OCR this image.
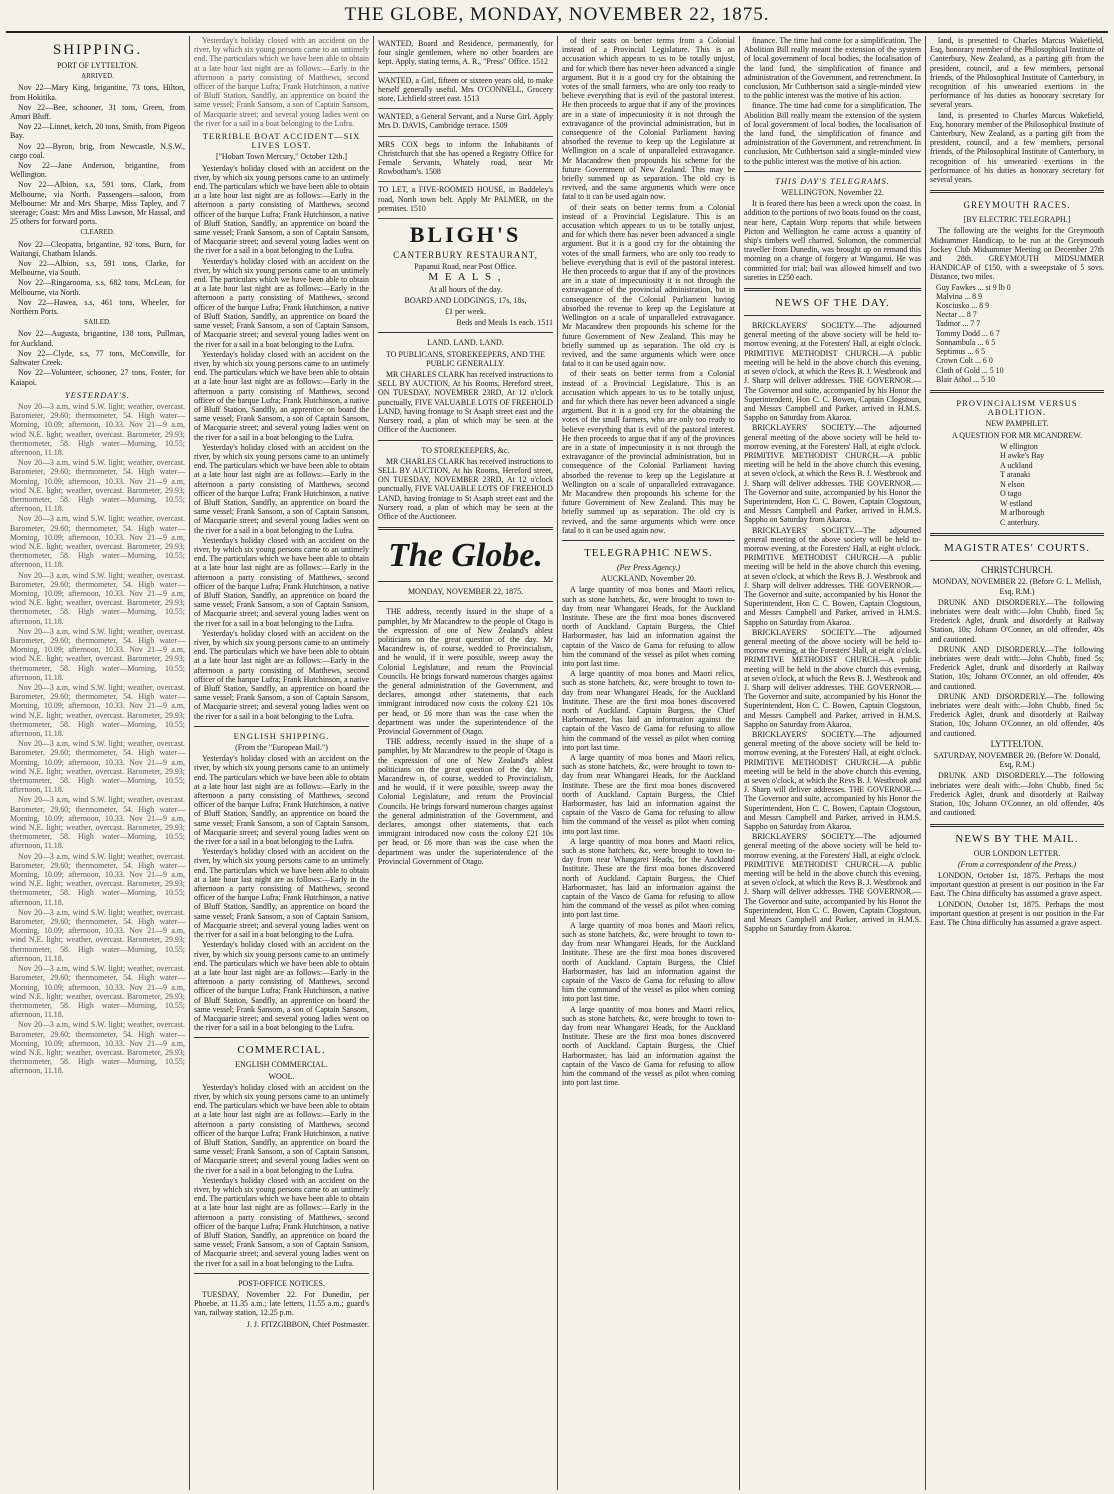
THE GLOBE, MONDAY, NOVEMBER 22, 1875.
SHIPPING.
PORT OF LYTTELTON.
ARRIVED.

Nov 22—Mary King, brigantine, 73 tons, Hilton, from Hokitika.

Nov 22—Bee, schooner, 31 tons, Green, from Amuri Bluff.

Nov 22—Linnet, ketch, 20 tons, Smith, from Pigeon Bay.

Nov 22—Byron, brig, from Newcastle, N.S.W., cargo coal.

Nov 22—Jane Anderson, brigantine, from Wellington.

Nov 22—Albion, s.s, 591 tons, Clark, from Melbourne, via North. Passengers—saloon, from Melbourne: Mr and Mrs Sharpe, Miss Tapley, and 7 steerage; Coast: Mrs and Miss Lawson, Mr Hassal, and 25 others for forward ports.

CLEARED.

Nov 22—Cleopatra, brigantine, 92 tons, Burn, for Waitangi, Chatham Islands.

Nov 22—Albion, s.s, 591 tons, Clarke, for Melbourne, via South.

Nov 22—Ringarooma, s.s, 682 tons, McLean, for Melbourne, via North.

Nov 22—Hawea, s.s, 461 tons, Wheeler, for Northern Ports.

SAILED.

Nov 22—Augusta, brigantine, 138 tons, Pullman, for Auckland.

Nov 22—Clyde, s.s, 77 tons, McConville, for Saltwater Creek.

Nov 22—Volunteer, schooner, 27 tons, Foster, for Kaiapoi.

YESTERDAY'S.

Nov 20—3 a.m, wind S.W. light; weather, overcast. Barometer, 29.60; thermometer, 54. High water—Morning, 10.09; afternoon, 10.33. Nov 21—9 a.m, wind N.E. light; weather, overcast. Barometer, 29.93; thermometer, 58. High water—Morning, 10.55; afternoon, 11.18.

Nov 20—3 a.m, wind S.W. light; weather, overcast. Barometer, 29.60; thermometer, 54. High water—Morning, 10.09; afternoon, 10.33. Nov 21—9 a.m, wind N.E. light; weather, overcast. Barometer, 29.93; thermometer, 58. High water—Morning, 10.55; afternoon, 11.18.

Nov 20—3 a.m, wind S.W. light; weather, overcast. Barometer, 29.60; thermometer, 54. High water—Morning, 10.09; afternoon, 10.33. Nov 21—9 a.m, wind N.E. light; weather, overcast. Barometer, 29.93; thermometer, 58. High water—Morning, 10.55; afternoon, 11.18.

Nov 20—3 a.m, wind S.W. light; weather, overcast. Barometer, 29.60; thermometer, 54. High water—Morning, 10.09; afternoon, 10.33. Nov 21—9 a.m, wind N.E. light; weather, overcast. Barometer, 29.93; thermometer, 58. High water—Morning, 10.55; afternoon, 11.18.

Nov 20—3 a.m, wind S.W. light; weather, overcast. Barometer, 29.60; thermometer, 54. High water—Morning, 10.09; afternoon, 10.33. Nov 21—9 a.m, wind N.E. light; weather, overcast. Barometer, 29.93; thermometer, 58. High water—Morning, 10.55; afternoon, 11.18.

Nov 20—3 a.m, wind S.W. light; weather, overcast. Barometer, 29.60; thermometer, 54. High water—Morning, 10.09; afternoon, 10.33. Nov 21—9 a.m, wind N.E. light; weather, overcast. Barometer, 29.93; thermometer, 58. High water—Morning, 10.55; afternoon, 11.18.

Nov 20—3 a.m, wind S.W. light; weather, overcast. Barometer, 29.60; thermometer, 54. High water—Morning, 10.09; afternoon, 10.33. Nov 21—9 a.m, wind N.E. light; weather, overcast. Barometer, 29.93; thermometer, 58. High water—Morning, 10.55; afternoon, 11.18.

Nov 20—3 a.m, wind S.W. light; weather, overcast. Barometer, 29.60; thermometer, 54. High water—Morning, 10.09; afternoon, 10.33. Nov 21—9 a.m, wind N.E. light; weather, overcast. Barometer, 29.93; thermometer, 58. High water—Morning, 10.55; afternoon, 11.18.

Nov 20—3 a.m, wind S.W. light; weather, overcast. Barometer, 29.60; thermometer, 54. High water—Morning, 10.09; afternoon, 10.33. Nov 21—9 a.m, wind N.E. light; weather, overcast. Barometer, 29.93; thermometer, 58. High water—Morning, 10.55; afternoon, 11.18.

Nov 20—3 a.m, wind S.W. light; weather, overcast. Barometer, 29.60; thermometer, 54. High water—Morning, 10.09; afternoon, 10.33. Nov 21—9 a.m, wind N.E. light; weather, overcast. Barometer, 29.93; thermometer, 58. High water—Morning, 10.55; afternoon, 11.18.

Nov 20—3 a.m, wind S.W. light; weather, overcast. Barometer, 29.60; thermometer, 54. High water—Morning, 10.09; afternoon, 10.33. Nov 21—9 a.m, wind N.E. light; weather, overcast. Barometer, 29.93; thermometer, 58. High water—Morning, 10.55; afternoon, 11.18.

Nov 20—3 a.m, wind S.W. light; weather, overcast. Barometer, 29.60; thermometer, 54. High water—Morning, 10.09; afternoon, 10.33. Nov 21—9 a.m, wind N.E. light; weather, overcast. Barometer, 29.93; thermometer, 58. High water—Morning, 10.55; afternoon, 11.18.

Yesterday's holiday closed with an accident on the river, by which six young persons came to an untimely end. The particulars which we have been able to obtain at a late hour last night are as follows:—Early in the afternoon a party consisting of Matthews, second officer of the barque Lufra; Frank Hutchinson, a native of Bluff Station, Sandfly, an apprentice on board the same vessel; Frank Sansom, a son of Captain Sansom, of Macquarie street; and several young ladies went on the river for a sail in a boat belonging to the Lufra.

TERRIBLE BOAT ACCIDENT—SIX LIVES LOST.
["Hobart Town Mercury," October 12th.]

Yesterday's holiday closed with an accident on the river, by which six young persons came to an untimely end. The particulars which we have been able to obtain at a late hour last night are as follows:—Early in the afternoon a party consisting of Matthews, second officer of the barque Lufra; Frank Hutchinson, a native of Bluff Station, Sandfly, an apprentice on board the same vessel; Frank Sansom, a son of Captain Sansom, of Macquarie street; and several young ladies went on the river for a sail in a boat belonging to the Lufra.

Yesterday's holiday closed with an accident on the river, by which six young persons came to an untimely end. The particulars which we have been able to obtain at a late hour last night are as follows:—Early in the afternoon a party consisting of Matthews, second officer of the barque Lufra; Frank Hutchinson, a native of Bluff Station, Sandfly, an apprentice on board the same vessel; Frank Sansom, a son of Captain Sansom, of Macquarie street; and several young ladies went on the river for a sail in a boat belonging to the Lufra.

Yesterday's holiday closed with an accident on the river, by which six young persons came to an untimely end. The particulars which we have been able to obtain at a late hour last night are as follows:—Early in the afternoon a party consisting of Matthews, second officer of the barque Lufra; Frank Hutchinson, a native of Bluff Station, Sandfly, an apprentice on board the same vessel; Frank Sansom, a son of Captain Sansom, of Macquarie street; and several young ladies went on the river for a sail in a boat belonging to the Lufra.

Yesterday's holiday closed with an accident on the river, by which six young persons came to an untimely end. The particulars which we have been able to obtain at a late hour last night are as follows:—Early in the afternoon a party consisting of Matthews, second officer of the barque Lufra; Frank Hutchinson, a native of Bluff Station, Sandfly, an apprentice on board the same vessel; Frank Sansom, a son of Captain Sansom, of Macquarie street; and several young ladies went on the river for a sail in a boat belonging to the Lufra.

Yesterday's holiday closed with an accident on the river, by which six young persons came to an untimely end. The particulars which we have been able to obtain at a late hour last night are as follows:—Early in the afternoon a party consisting of Matthews, second officer of the barque Lufra; Frank Hutchinson, a native of Bluff Station, Sandfly, an apprentice on board the same vessel; Frank Sansom, a son of Captain Sansom, of Macquarie street; and several young ladies went on the river for a sail in a boat belonging to the Lufra.

Yesterday's holiday closed with an accident on the river, by which six young persons came to an untimely end. The particulars which we have been able to obtain at a late hour last night are as follows:—Early in the afternoon a party consisting of Matthews, second officer of the barque Lufra; Frank Hutchinson, a native of Bluff Station, Sandfly, an apprentice on board the same vessel; Frank Sansom, a son of Captain Sansom, of Macquarie street; and several young ladies went on the river for a sail in a boat belonging to the Lufra.

ENGLISH SHIPPING.
(From the "European Mail.")

Yesterday's holiday closed with an accident on the river, by which six young persons came to an untimely end. The particulars which we have been able to obtain at a late hour last night are as follows:—Early in the afternoon a party consisting of Matthews, second officer of the barque Lufra; Frank Hutchinson, a native of Bluff Station, Sandfly, an apprentice on board the same vessel; Frank Sansom, a son of Captain Sansom, of Macquarie street; and several young ladies went on the river for a sail in a boat belonging to the Lufra.

Yesterday's holiday closed with an accident on the river, by which six young persons came to an untimely end. The particulars which we have been able to obtain at a late hour last night are as follows:—Early in the afternoon a party consisting of Matthews, second officer of the barque Lufra; Frank Hutchinson, a native of Bluff Station, Sandfly, an apprentice on board the same vessel; Frank Sansom, a son of Captain Sansom, of Macquarie street; and several young ladies went on the river for a sail in a boat belonging to the Lufra.

Yesterday's holiday closed with an accident on the river, by which six young persons came to an untimely end. The particulars which we have been able to obtain at a late hour last night are as follows:—Early in the afternoon a party consisting of Matthews, second officer of the barque Lufra; Frank Hutchinson, a native of Bluff Station, Sandfly, an apprentice on board the same vessel; Frank Sansom, a son of Captain Sansom, of Macquarie street; and several young ladies went on the river for a sail in a boat belonging to the Lufra.

COMMERCIAL.
ENGLISH COMMERCIAL.
WOOL.

Yesterday's holiday closed with an accident on the river, by which six young persons came to an untimely end. The particulars which we have been able to obtain at a late hour last night are as follows:—Early in the afternoon a party consisting of Matthews, second officer of the barque Lufra; Frank Hutchinson, a native of Bluff Station, Sandfly, an apprentice on board the same vessel; Frank Sansom, a son of Captain Sansom, of Macquarie street; and several young ladies went on the river for a sail in a boat belonging to the Lufra.

Yesterday's holiday closed with an accident on the river, by which six young persons came to an untimely end. The particulars which we have been able to obtain at a late hour last night are as follows:—Early in the afternoon a party consisting of Matthews, second officer of the barque Lufra; Frank Hutchinson, a native of Bluff Station, Sandfly, an apprentice on board the same vessel; Frank Sansom, a son of Captain Sansom, of Macquarie street; and several young ladies went on the river for a sail in a boat belonging to the Lufra.

POST-OFFICE NOTICES.

TUESDAY, November 22. For Dunedin, per Phoebe, at 11.35 a.m.; late letters, 11.55 a.m.; guard's van, railway station, 12.25 p.m.

J. J. FITZGIBBON, Chief Postmaster.

WANTED, Board and Residence, permanently, for four single gentlemen, where no other boarders are kept. Apply, stating terms, A. R., "Press" Office. 1512

WANTED, a Girl, fifteen or sixteen years old, to make herself generally useful. Mrs O'CONNELL, Grocery store, Lichfield street east. 1513

WANTED, a General Servant, and a Nurse Girl. Apply Mrs D. DAVIS, Cambridge terrace. 1509

MRS COX begs to inform the Inhabitants of Christchurch that she has opened a Registry Office for Female Servants, Whately road, near Mr Rowbotham's. 1508

TO LET, a FIVE-ROOMED HOUSE, in Baddeley's road, North town belt. Apply Mr PALMER, on the premises. 1510

BLIGH'S
CANTERBURY RESTAURANT,
Papanui Road, near Post Office.
M E A L S ,
At all hours of the day.
BOARD AND LODGINGS, 17s, 18s,
£1 per week.
Beds and Meals 1s each. 1511
LAND. LAND. LAND.
TO PUBLICANS, STOREKEEPERS, AND THE PUBLIC GENERALLY.

MR CHARLES CLARK has received instructions to SELL BY AUCTION, At his Rooms, Hereford street, ON TUESDAY, NOVEMBER 23RD, At 12 o'clock punctually, FIVE VALUABLE LOTS OF FREEHOLD LAND, having frontage to St Asaph street east and the Nursery road, a plan of which may be seen at the Office of the Auctioneer.

TO STOREKEEPERS, &c.

MR CHARLES CLARK has received instructions to SELL BY AUCTION, At his Rooms, Hereford street, ON TUESDAY, NOVEMBER 23RD, At 12 o'clock punctually, FIVE VALUABLE LOTS OF FREEHOLD LAND, having frontage to St Asaph street east and the Nursery road, a plan of which may be seen at the Office of the Auctioneer.

The Globe.
MONDAY, NOVEMBER 22, 1875.

THE address, recently issued in the shape of a pamphlet, by Mr Macandrew to the people of Otago is the expression of one of New Zealand's ablest politicians on the great question of the day. Mr Macandrew is, of course, wedded to Provincialism, and he would, if it were possible, sweep away the Colonial Legislature, and return the Provincial Councils. He brings forward numerous charges against the general administration of the Government, and declares, amongst other statements, that each immigrant introduced now costs the colony £21 10s per head, or £6 more than was the case when the department was under the superintendence of the Provincial Government of Otago.

THE address, recently issued in the shape of a pamphlet, by Mr Macandrew to the people of Otago is the expression of one of New Zealand's ablest politicians on the great question of the day. Mr Macandrew is, of course, wedded to Provincialism, and he would, if it were possible, sweep away the Colonial Legislature, and return the Provincial Councils. He brings forward numerous charges against the general administration of the Government, and declares, amongst other statements, that each immigrant introduced now costs the colony £21 10s per head, or £6 more than was the case when the department was under the superintendence of the Provincial Government of Otago.

of their seats on better terms from a Colonial instead of a Provincial Legislature. This is an accusation which appears to us to be totally unjust, and for which there has never been advanced a single argument. But it is a good cry for the obtaining the votes of the small farmers, who are only too ready to believe everything that is evil of the pastoral interest. He then proceeds to argue that if any of the provinces are in a state of impecuniosity it is not through the extravagance of the provincial administration, but in consequence of the Colonial Parliament having absorbed the revenue to keep up the Legislature at Wellington on a scale of unparalleled extravagance. Mr Macandrew then propounds his scheme for the future Government of New Zealand. This may be briefly summed up as separation. The old cry is revived, and the same arguments which were once fatal to it can be used again now.

of their seats on better terms from a Colonial instead of a Provincial Legislature. This is an accusation which appears to us to be totally unjust, and for which there has never been advanced a single argument. But it is a good cry for the obtaining the votes of the small farmers, who are only too ready to believe everything that is evil of the pastoral interest. He then proceeds to argue that if any of the provinces are in a state of impecuniosity it is not through the extravagance of the provincial administration, but in consequence of the Colonial Parliament having absorbed the revenue to keep up the Legislature at Wellington on a scale of unparalleled extravagance. Mr Macandrew then propounds his scheme for the future Government of New Zealand. This may be briefly summed up as separation. The old cry is revived, and the same arguments which were once fatal to it can be used again now.

of their seats on better terms from a Colonial instead of a Provincial Legislature. This is an accusation which appears to us to be totally unjust, and for which there has never been advanced a single argument. But it is a good cry for the obtaining the votes of the small farmers, who are only too ready to believe everything that is evil of the pastoral interest. He then proceeds to argue that if any of the provinces are in a state of impecuniosity it is not through the extravagance of the provincial administration, but in consequence of the Colonial Parliament having absorbed the revenue to keep up the Legislature at Wellington on a scale of unparalleled extravagance. Mr Macandrew then propounds his scheme for the future Government of New Zealand. This may be briefly summed up as separation. The old cry is revived, and the same arguments which were once fatal to it can be used again now.

TELEGRAPHIC NEWS.
(Per Press Agency.)
AUCKLAND, November 20.

A large quantity of moa bones and Maori relics, such as stone hatchets, &c, were brought to town to-day from near Whangarei Heads, for the Auckland Institute. These are the first moa bones discovered north of Auckland. Captain Burgess, the Chief Harbormaster, has laid an information against the captain of the Vasco de Gama for refusing to allow him the command of the vessel as pilot when coming into port last time.

A large quantity of moa bones and Maori relics, such as stone hatchets, &c, were brought to town to-day from near Whangarei Heads, for the Auckland Institute. These are the first moa bones discovered north of Auckland. Captain Burgess, the Chief Harbormaster, has laid an information against the captain of the Vasco de Gama for refusing to allow him the command of the vessel as pilot when coming into port last time.

A large quantity of moa bones and Maori relics, such as stone hatchets, &c, were brought to town to-day from near Whangarei Heads, for the Auckland Institute. These are the first moa bones discovered north of Auckland. Captain Burgess, the Chief Harbormaster, has laid an information against the captain of the Vasco de Gama for refusing to allow him the command of the vessel as pilot when coming into port last time.

A large quantity of moa bones and Maori relics, such as stone hatchets, &c, were brought to town to-day from near Whangarei Heads, for the Auckland Institute. These are the first moa bones discovered north of Auckland. Captain Burgess, the Chief Harbormaster, has laid an information against the captain of the Vasco de Gama for refusing to allow him the command of the vessel as pilot when coming into port last time.

A large quantity of moa bones and Maori relics, such as stone hatchets, &c, were brought to town to-day from near Whangarei Heads, for the Auckland Institute. These are the first moa bones discovered north of Auckland. Captain Burgess, the Chief Harbormaster, has laid an information against the captain of the Vasco de Gama for refusing to allow him the command of the vessel as pilot when coming into port last time.

A large quantity of moa bones and Maori relics, such as stone hatchets, &c, were brought to town to-day from near Whangarei Heads, for the Auckland Institute. These are the first moa bones discovered north of Auckland. Captain Burgess, the Chief Harbormaster, has laid an information against the captain of the Vasco de Gama for refusing to allow him the command of the vessel as pilot when coming into port last time.

finance. The time had come for a simplification. The Abolition Bill really meant the extension of the system of local government of local bodies, the localisation of the land fund, the simplification of finance and administration of the Government, and retrenchment. In conclusion, Mr Cuthbertson said a single-minded view to the public interest was the motive of his action.

finance. The time had come for a simplification. The Abolition Bill really meant the extension of the system of local government of local bodies, the localisation of the land fund, the simplification of finance and administration of the Government, and retrenchment. In conclusion, Mr Cuthbertson said a single-minded view to the public interest was the motive of his action.

THIS DAY'S TELEGRAMS.
WELLINGTON, November 22.

It is feared there has been a wreck upon the coast. In addition to the portions of two boats found on the coast, near here, Captain Worp reports that while between Picton and Wellington he came across a quantity of ship's timbers well charred. Solomon, the commercial traveller from Dunedin, was brought up on remand this morning on a charge of forgery at Wanganui. He was committed for trial; bail was allowed himself and two sureties in £250 each.

NEWS OF THE DAY.

BRICKLAYERS' SOCIETY.—The adjourned general meeting of the above society will be held to-morrow evening, at the Foresters' Hall, at eight o'clock. PRIMITIVE METHODIST CHURCH.—A public meeting will be held in the above church this evening, at seven o'clock, at which the Revs B. J. Westbrook and J. Sharp will deliver addresses. THE GOVERNOR.—The Governor and suite, accompanied by his Honor the Superintendent, Hon C. C. Bowen, Captain Clogstoun, and Messrs Campbell and Parker, arrived in H.M.S. Sappho on Saturday from Akaroa.

BRICKLAYERS' SOCIETY.—The adjourned general meeting of the above society will be held to-morrow evening, at the Foresters' Hall, at eight o'clock. PRIMITIVE METHODIST CHURCH.—A public meeting will be held in the above church this evening, at seven o'clock, at which the Revs B. J. Westbrook and J. Sharp will deliver addresses. THE GOVERNOR.—The Governor and suite, accompanied by his Honor the Superintendent, Hon C. C. Bowen, Captain Clogstoun, and Messrs Campbell and Parker, arrived in H.M.S. Sappho on Saturday from Akaroa.

BRICKLAYERS' SOCIETY.—The adjourned general meeting of the above society will be held to-morrow evening, at the Foresters' Hall, at eight o'clock. PRIMITIVE METHODIST CHURCH.—A public meeting will be held in the above church this evening, at seven o'clock, at which the Revs B. J. Westbrook and J. Sharp will deliver addresses. THE GOVERNOR.—The Governor and suite, accompanied by his Honor the Superintendent, Hon C. C. Bowen, Captain Clogstoun, and Messrs Campbell and Parker, arrived in H.M.S. Sappho on Saturday from Akaroa.

BRICKLAYERS' SOCIETY.—The adjourned general meeting of the above society will be held to-morrow evening, at the Foresters' Hall, at eight o'clock. PRIMITIVE METHODIST CHURCH.—A public meeting will be held in the above church this evening, at seven o'clock, at which the Revs B. J. Westbrook and J. Sharp will deliver addresses. THE GOVERNOR.—The Governor and suite, accompanied by his Honor the Superintendent, Hon C. C. Bowen, Captain Clogstoun, and Messrs Campbell and Parker, arrived in H.M.S. Sappho on Saturday from Akaroa.

BRICKLAYERS' SOCIETY.—The adjourned general meeting of the above society will be held to-morrow evening, at the Foresters' Hall, at eight o'clock. PRIMITIVE METHODIST CHURCH.—A public meeting will be held in the above church this evening, at seven o'clock, at which the Revs B. J. Westbrook and J. Sharp will deliver addresses. THE GOVERNOR.—The Governor and suite, accompanied by his Honor the Superintendent, Hon C. C. Bowen, Captain Clogstoun, and Messrs Campbell and Parker, arrived in H.M.S. Sappho on Saturday from Akaroa.

BRICKLAYERS' SOCIETY.—The adjourned general meeting of the above society will be held to-morrow evening, at the Foresters' Hall, at eight o'clock. PRIMITIVE METHODIST CHURCH.—A public meeting will be held in the above church this evening, at seven o'clock, at which the Revs B. J. Westbrook and J. Sharp will deliver addresses. THE GOVERNOR.—The Governor and suite, accompanied by his Honor the Superintendent, Hon C. C. Bowen, Captain Clogstoun, and Messrs Campbell and Parker, arrived in H.M.S. Sappho on Saturday from Akaroa.

land, is presented to Charles Marcus Wakefield, Esq, honorary member of the Philosophical Institute of Canterbury, New Zealand, as a parting gift from the president, council, and a few members, personal friends, of the Philosophical Institute of Canterbury, in recognition of his unwearied exertions in the performance of his duties as honorary secretary for several years.

land, is presented to Charles Marcus Wakefield, Esq, honorary member of the Philosophical Institute of Canterbury, New Zealand, as a parting gift from the president, council, and a few members, personal friends, of the Philosophical Institute of Canterbury, in recognition of his unwearied exertions in the performance of his duties as honorary secretary for several years.

GREYMOUTH RACES.
[BY ELECTRIC TELEGRAPH.]

The following are the weights for the Greymouth Midsummer Handicap, to be run at the Greymouth Jockey Club Midsummer Meeting on December 27th and 28th. GREYMOUTH MIDSUMMER HANDICAP of £150, with a sweepstake of 5 sovs. Distance, two miles.

Guy Fawkes ... st 9 lb 0
Malvina ... 8 9
Kosciusko ... 8 9
Nectar ... 8 7
Tadmor ... 7 7
Tommy Dodd ... 6 7
Sonnambula ... 6 5
Septimus ... 6 5
Crown Colt ... 6 0
Cloth of Gold ... 5 10
Blair Athol ... 5 10
PROVINCIALISM VERSUS ABOLITION.
NEW PAMPHLET.
A QUESTION FOR MR MCANDREW.
W ellington
H awke's Bay
A uckland
T aranaki
N elson
O tago
W estland
M arlborough
C anterbury.
MAGISTRATES' COURTS.
CHRISTCHURCH.
MONDAY, NOVEMBER 22. (Before G. L. Mellish, Esq, R.M.)

DRUNK AND DISORDERLY.—The following inebriates were dealt with:—John Chubb, fined 5s; Frederick Aglet, drunk and disorderly at Railway Station, 10s; Johann O'Conner, an old offender, 40s and cautioned.

DRUNK AND DISORDERLY.—The following inebriates were dealt with:—John Chubb, fined 5s; Frederick Aglet, drunk and disorderly at Railway Station, 10s; Johann O'Conner, an old offender, 40s and cautioned.

DRUNK AND DISORDERLY.—The following inebriates were dealt with:—John Chubb, fined 5s; Frederick Aglet, drunk and disorderly at Railway Station, 10s; Johann O'Conner, an old offender, 40s and cautioned.

LYTTELTON.
SATURDAY, NOVEMBER 20. (Before W. Donald, Esq, R.M.)

DRUNK AND DISORDERLY.—The following inebriates were dealt with:—John Chubb, fined 5s; Frederick Aglet, drunk and disorderly at Railway Station, 10s; Johann O'Conner, an old offender, 40s and cautioned.

NEWS BY THE MAIL.
OUR LONDON LETTER.
(From a correspondent of the Press.)

LONDON, October 1st, 1875. Perhaps the most important question at present is our position in the Far East. The China difficulty has assumed a grave aspect.

LONDON, October 1st, 1875. Perhaps the most important question at present is our position in the Far East. The China difficulty has assumed a grave aspect.
